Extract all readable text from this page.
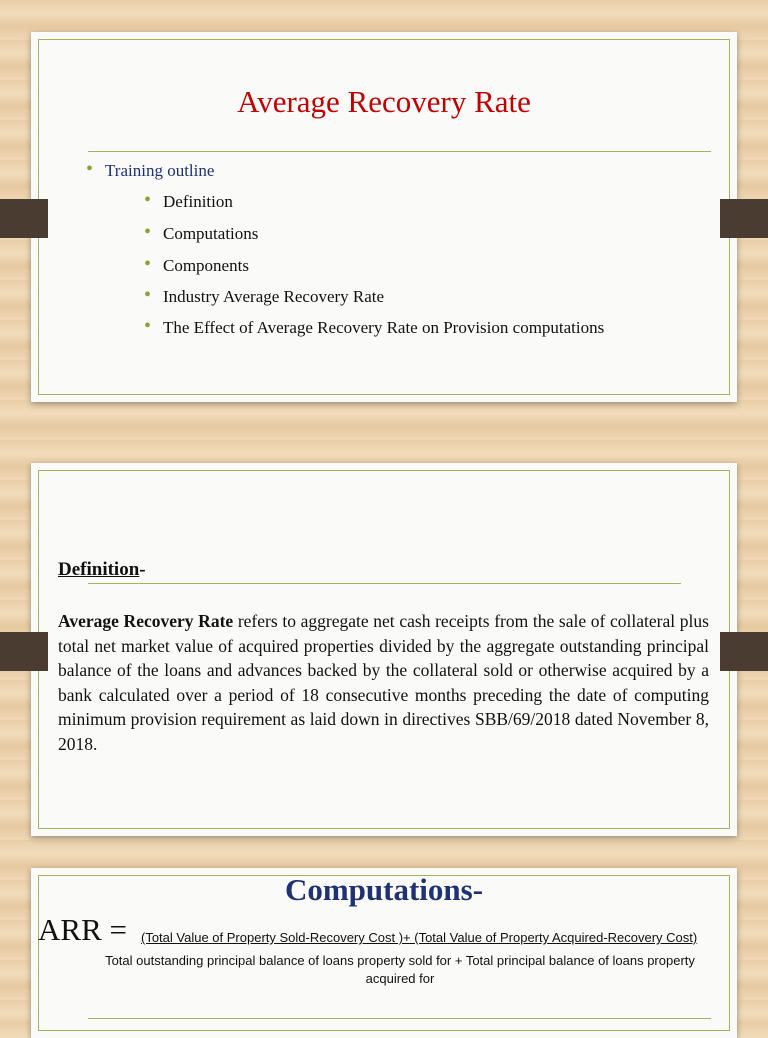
Average Recovery Rate
• Training outline
• Definition
• Computations
• Components
• Industry Average Recovery Rate
• The Effect of Average Recovery Rate on Provision computations
Definition-
Average Recovery Rate refers to aggregate net cash receipts from the sale of collateral plus total net market value of acquired properties divided by the aggregate outstanding principal balance of the loans and advances backed by the collateral sold or otherwise acquired by a bank calculated over a period of 18 consecutive months preceding the date of computing minimum provision requirement as laid down in directives SBB/69/2018 dated November 8, 2018.
Computations-
ARR = (Total Value of Property Sold-Recovery Cost )+ (Total Value of Property Acquired-Recovery Cost)
Total outstanding principal balance of loans property sold for + Total principal balance of loans property acquired for
